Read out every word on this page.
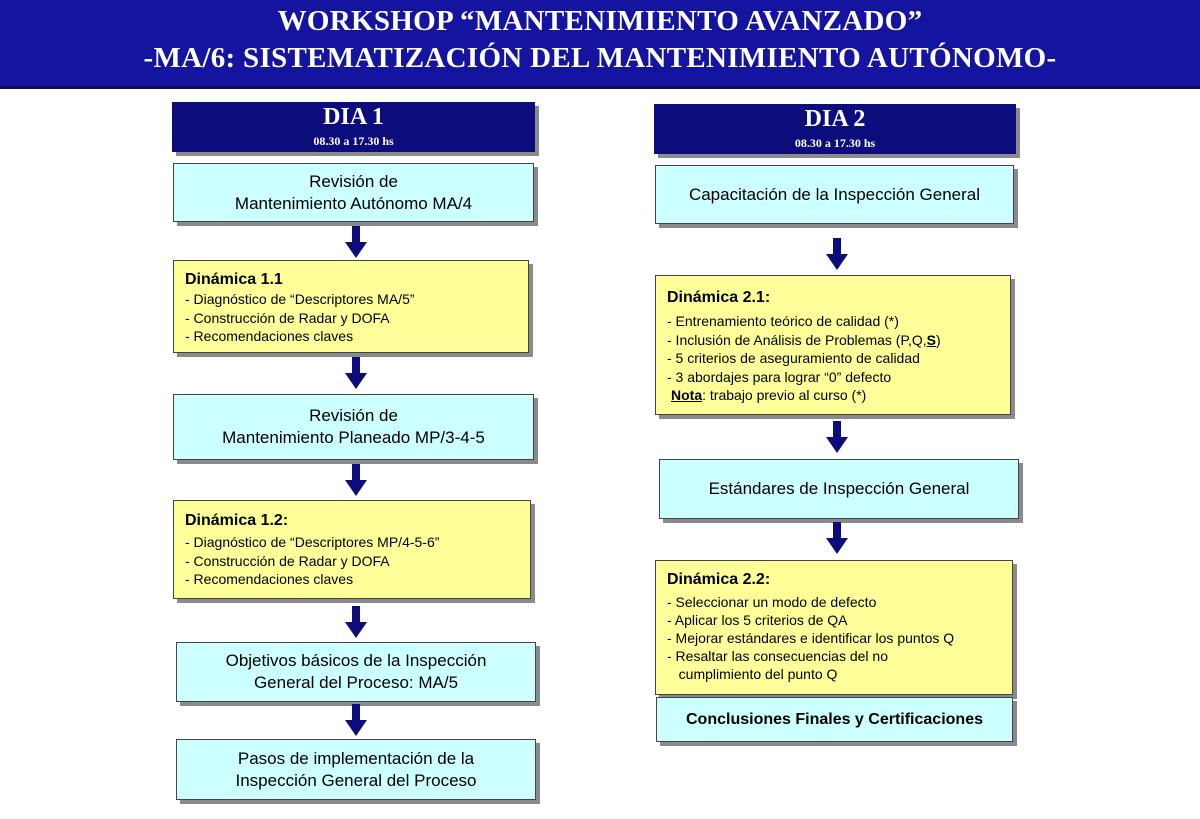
WORKSHOP “MANTENIMIENTO AVANZADO”
-MA/6: SISTEMATIZACIÓN DEL MANTENIMIENTO AUTÓNOMO-
DIA 1
08.30 a 17.30 hs
Revisión de
Mantenimiento Autónomo MA/4
Dinámica 1.1
- Diagnóstico de “Descriptores MA/5”
- Construcción de Radar y DOFA
- Recomendaciones claves
Revisión de
Mantenimiento Planeado MP/3-4-5
Dinámica 1.2:
- Diagnóstico de “Descriptores MP/4-5-6”
- Construcción de Radar y DOFA
- Recomendaciones claves
Objetivos básicos de la Inspección
General del Proceso: MA/5
Pasos de implementación de la
Inspección General del Proceso
DIA 2
08.30 a 17.30 hs
Capacitación de la Inspección General
Dinámica 2.1:
- Entrenamiento teórico de calidad (*)
- Inclusión de Análisis de Problemas (P,Q,S)
- 5 criterios de aseguramiento de calidad
- 3 abordajes para lograr “0” defecto
Nota: trabajo previo al curso (*)
Estándares de Inspección General
Dinámica 2.2:
- Seleccionar un modo de defecto
- Aplicar los 5 criterios de QA
- Mejorar estándares e identificar los puntos Q
- Resaltar las consecuencias del no
cumplimiento del punto Q
Conclusiones Finales y Certificaciones
